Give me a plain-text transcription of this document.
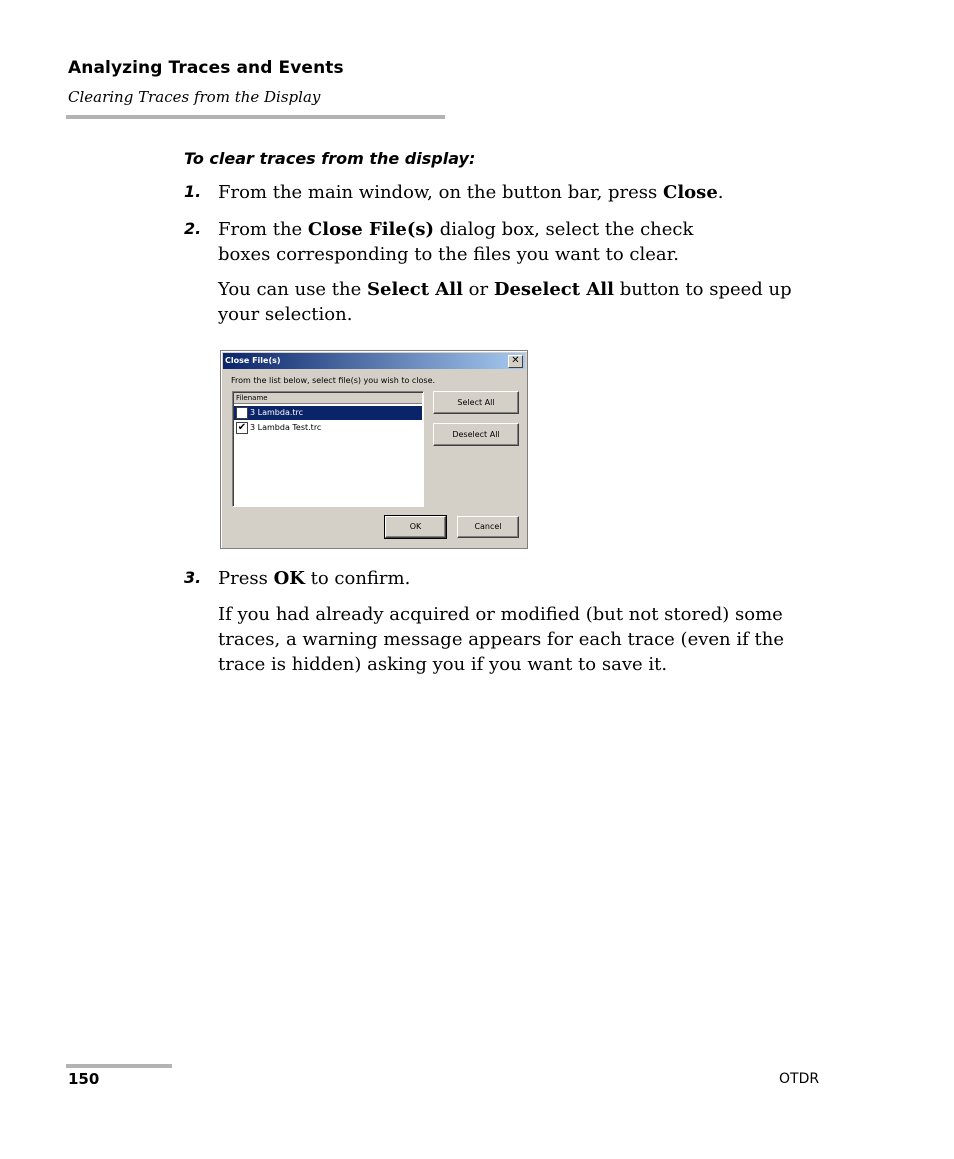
Analyzing Traces and Events
Clearing Traces from the Display
To clear traces from the display:
1. From the main window, on the button bar, press Close.
2. From the Close File(s) dialog box, select the check boxes corresponding to the files you want to clear.
You can use the Select All or Deselect All button to speed up your selection.
Close File(s)	✕
From the list below, select file(s) you wish to close.
Filename
3 Lambda.trc
✔ 3 Lambda Test.trc
Select All
Deselect All
OK	Cancel
3. Press OK to confirm.
If you had already acquired or modified (but not stored) some traces, a warning message appears for each trace (even if the trace is hidden) asking you if you want to save it.
150	OTDR
